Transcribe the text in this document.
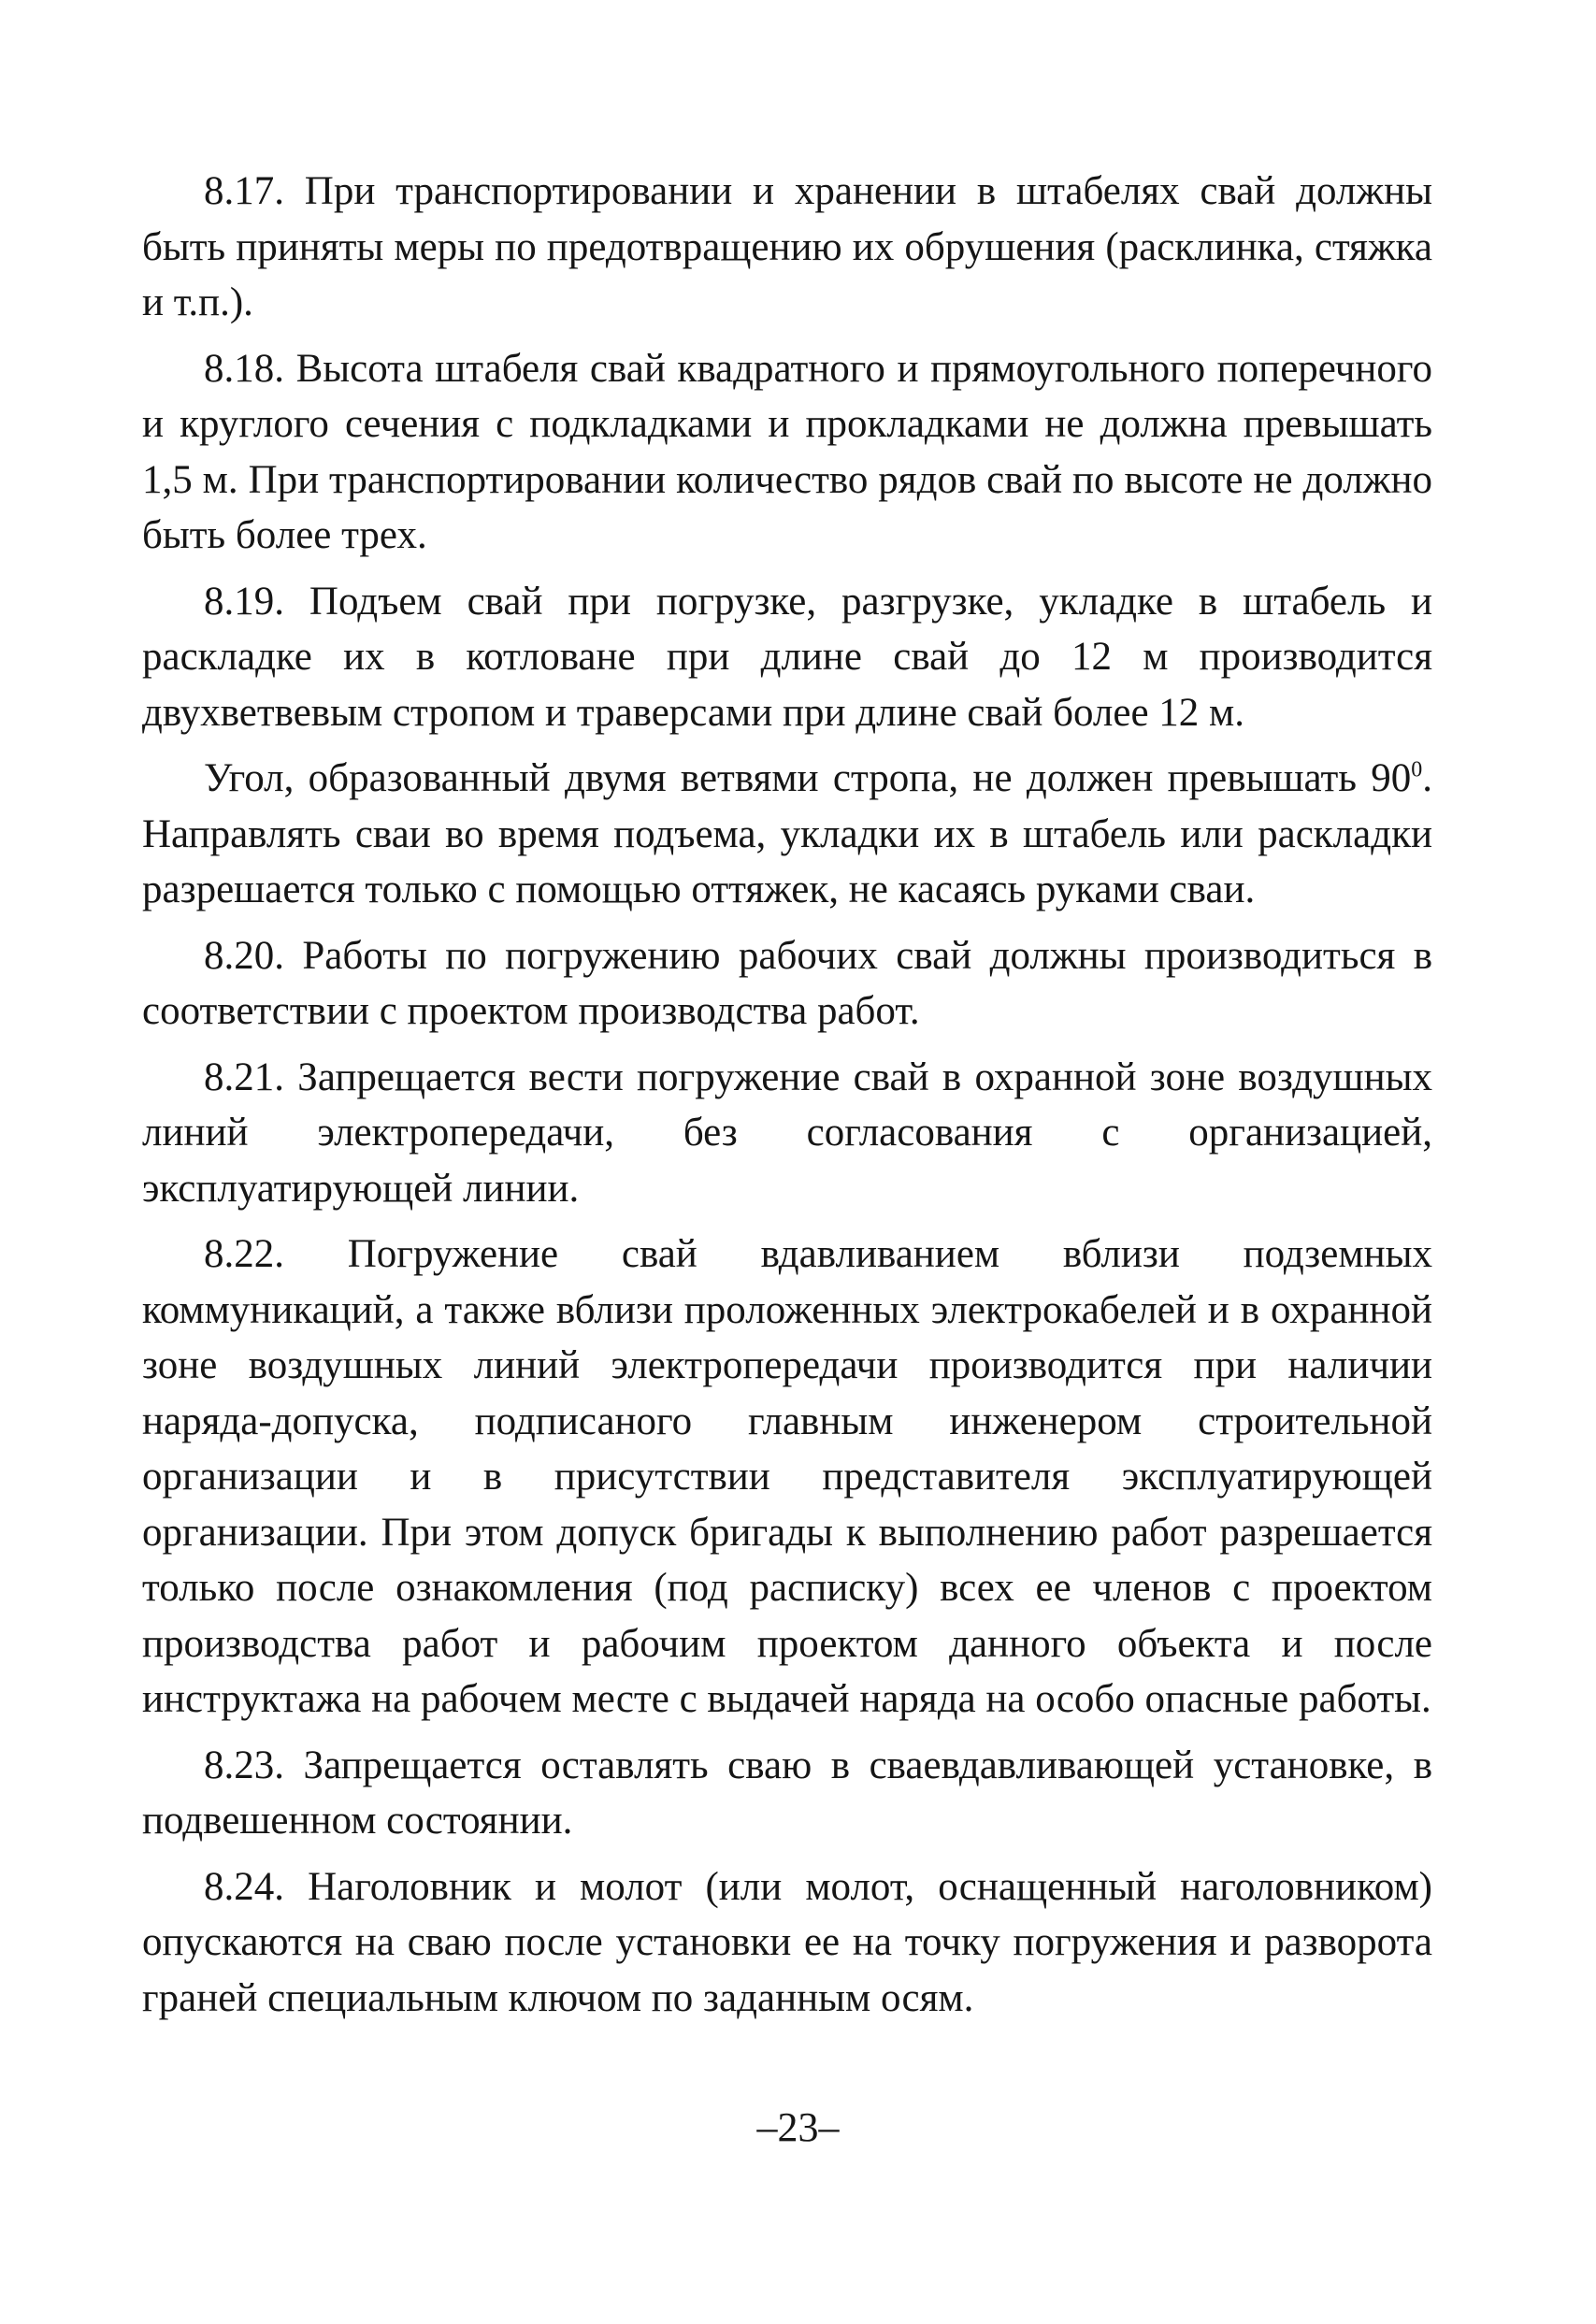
8.17. При транспортировании и хранении в штабелях свай должны быть приняты меры по предотвращению их обрушения (расклинка, стяжка и т.п.).

8.18. Высота штабеля свай квадратного и прямоугольного поперечного и круглого сечения с подкладками и прокладками не должна превышать 1,5 м. При транспортировании количество рядов свай по высоте не должно быть более трех.

8.19. Подъем свай при погрузке, разгрузке, укладке в штабель и раскладке их в котловане при длине свай до 12 м производится двухветвевым стропом и траверсами при длине свай более 12 м.

Угол, образованный двумя ветвями стропа, не должен превышать $90^0$. Направлять сваи во время подъема, укладки их в штабель или раскладки разрешается только с помощью оттяжек, не касаясь руками сваи.

8.20. Работы по погружению рабочих свай должны производиться в соответствии с проектом производства работ.

8.21. Запрещается вести погружение свай в охранной зоне воздушных линий электропередачи, без согласования с организацией, эксплуатирующей линии.

8.22. Погружение свай вдавливанием вблизи подземных коммуникаций, а также вблизи проложенных электрокабелей и в охранной зоне воздушных линий электропередачи производится при наличии наряда-допуска, подписаного главным инженером строительной организации и в присутствии представителя эксплуатирующей организации. При этом допуск бригады к выполнению работ разрешается только после ознакомления (под расписку) всех ее членов с проектом производства работ и рабочим проектом данного объекта и после инструктажа на рабочем месте с выдачей наряда на особо опасные работы.

8.23. Запрещается оставлять сваю в сваевдавливающей установке, в подвешенном состоянии.

8.24. Наголовник и молот (или молот, оснащенный наголовником) опускаются на сваю после установки ее на точку погружения и разворота граней специальным ключом по заданным осям.

–23–
